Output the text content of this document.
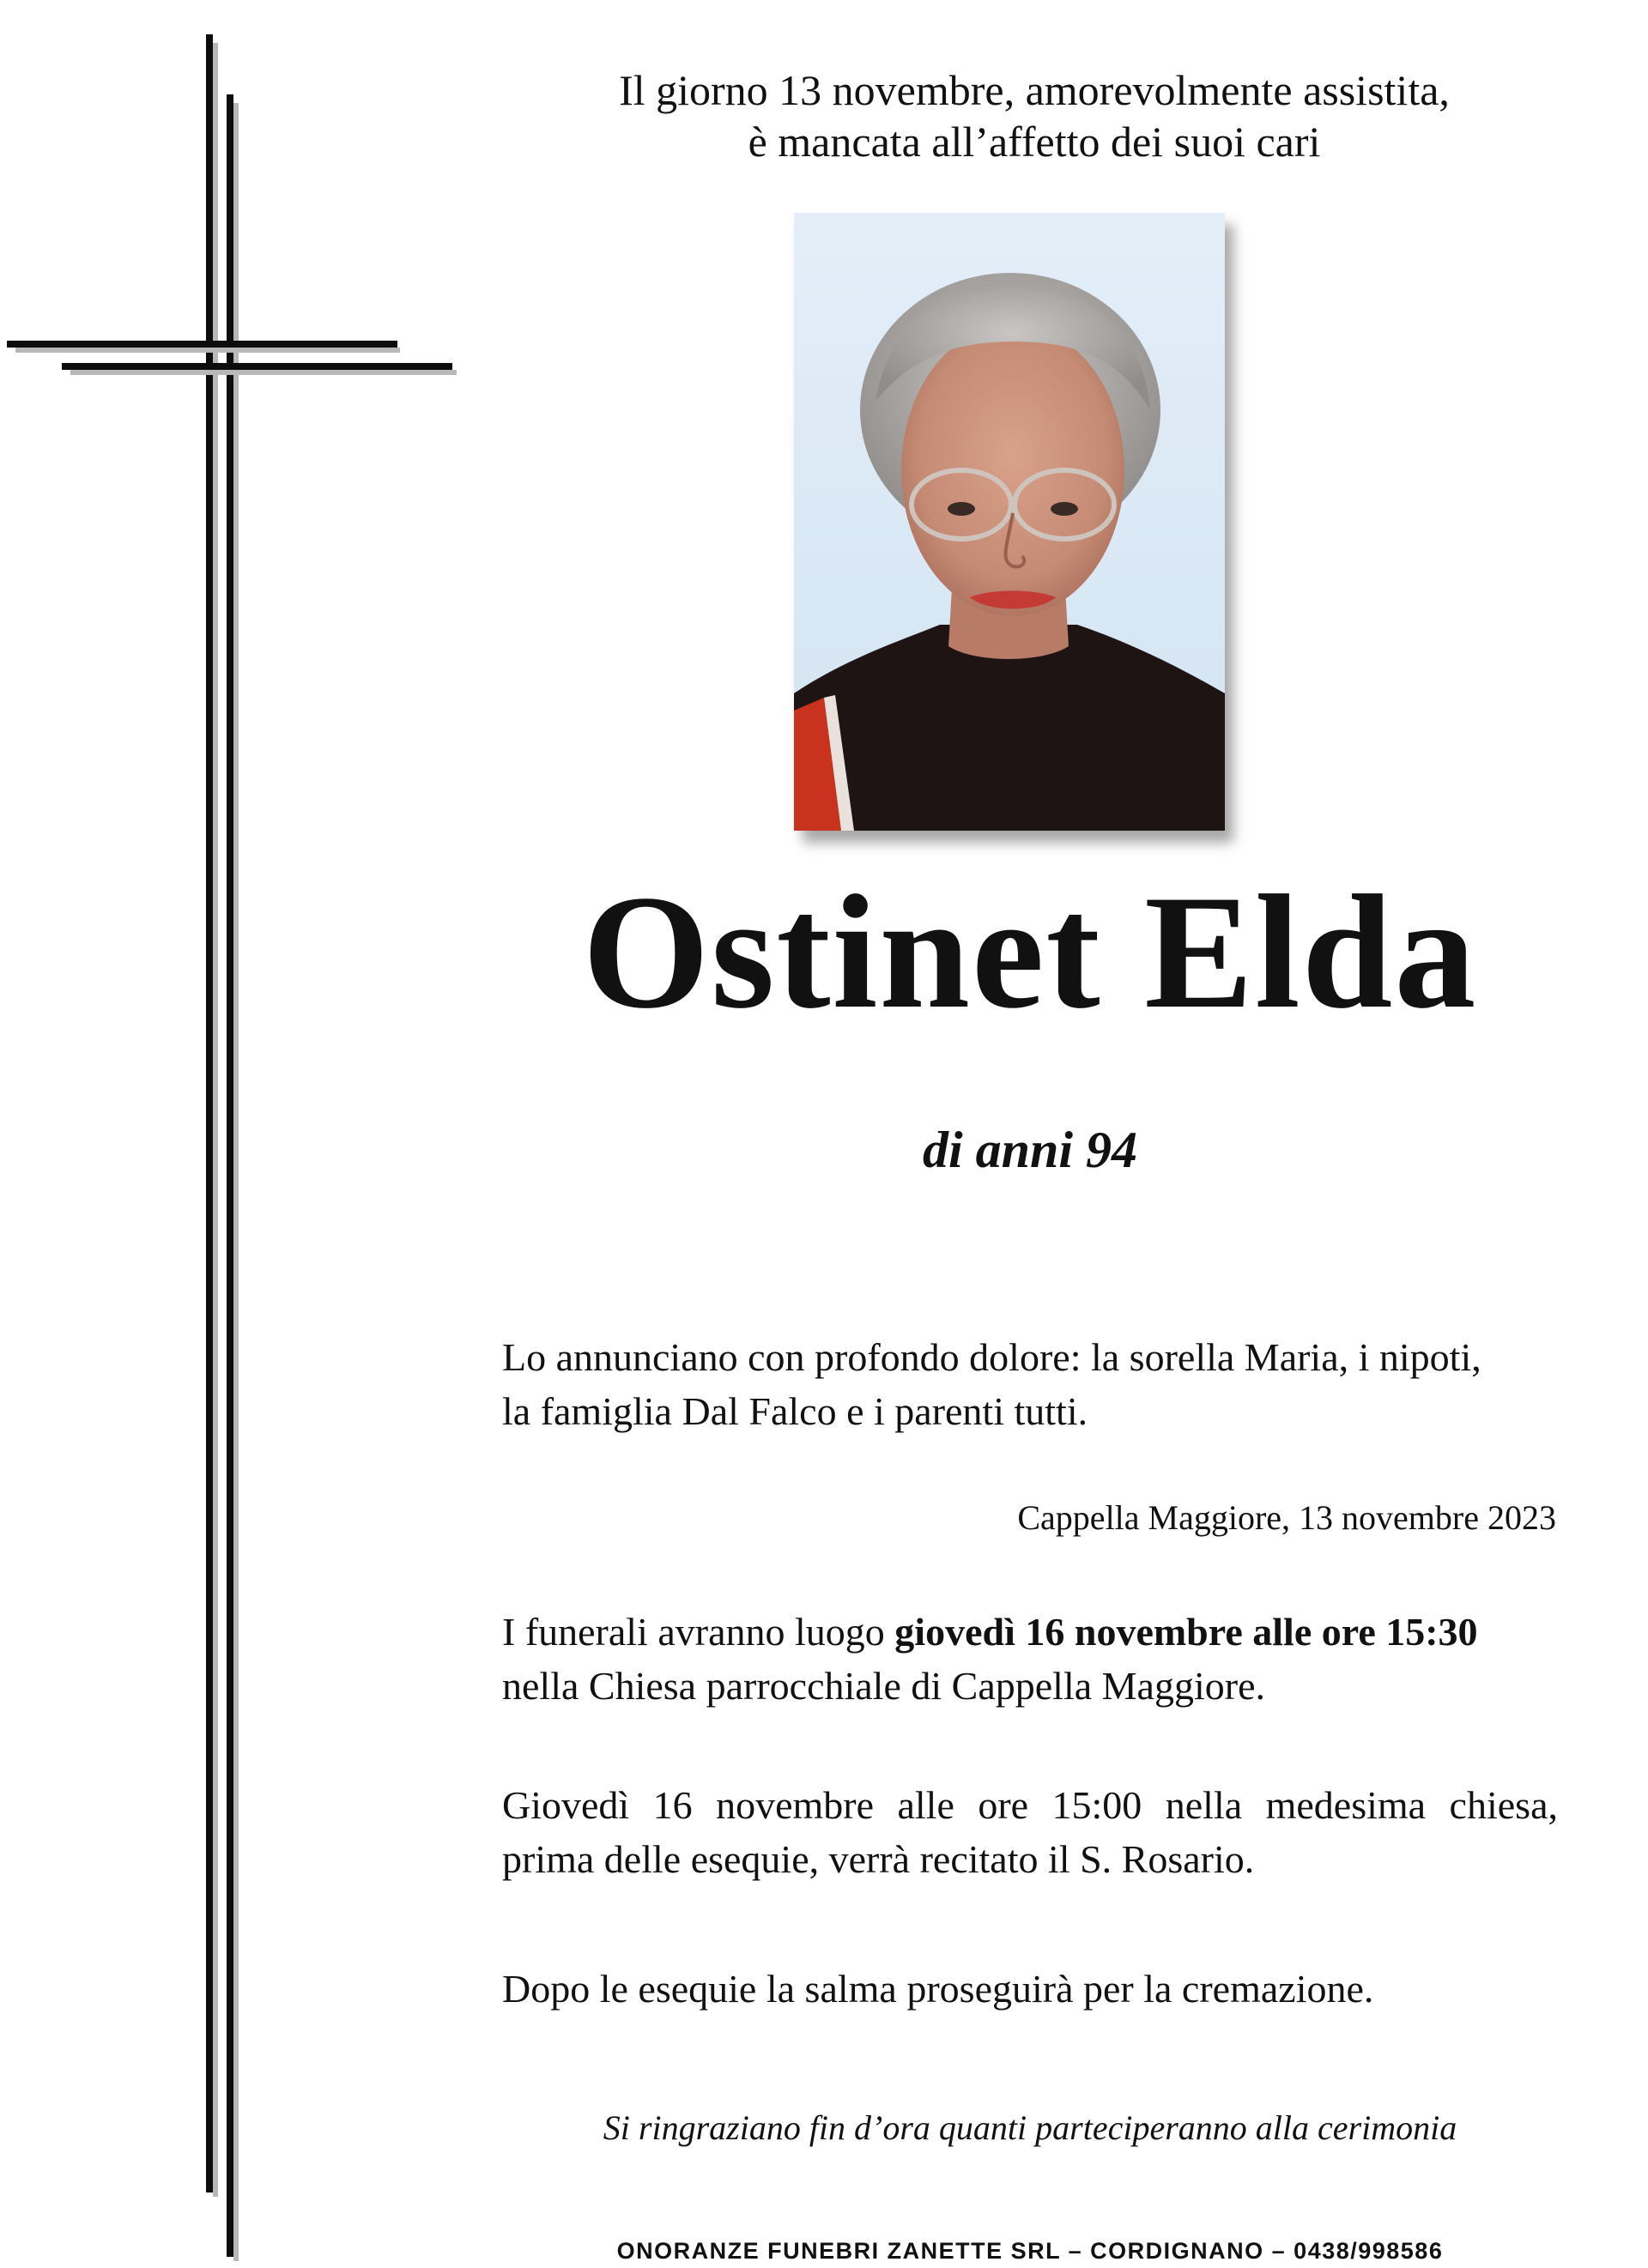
Il giorno 13 novembre, amorevolmente assistita,
è mancata all’affetto dei suoi cari
Ostinet Elda
di anni 94
Lo annunciano con profondo dolore: la sorella Maria, i nipoti,
la famiglia Dal Falco e i parenti tutti.
Cappella Maggiore, 13 novembre 2023
I funerali avranno luogo giovedì 16 novembre alle ore 15:30
nella Chiesa parrocchiale di Cappella Maggiore.
Giovedì 16 novembre alle ore 15:00 nella medesima chiesa,
prima delle esequie, verrà recitato il S. Rosario.
Dopo le esequie la salma proseguirà per la cremazione.
Si ringraziano fin d’ora quanti parteciperanno alla cerimonia
ONORANZE FUNEBRI ZANETTE SRL – CORDIGNANO – 0438/998586
